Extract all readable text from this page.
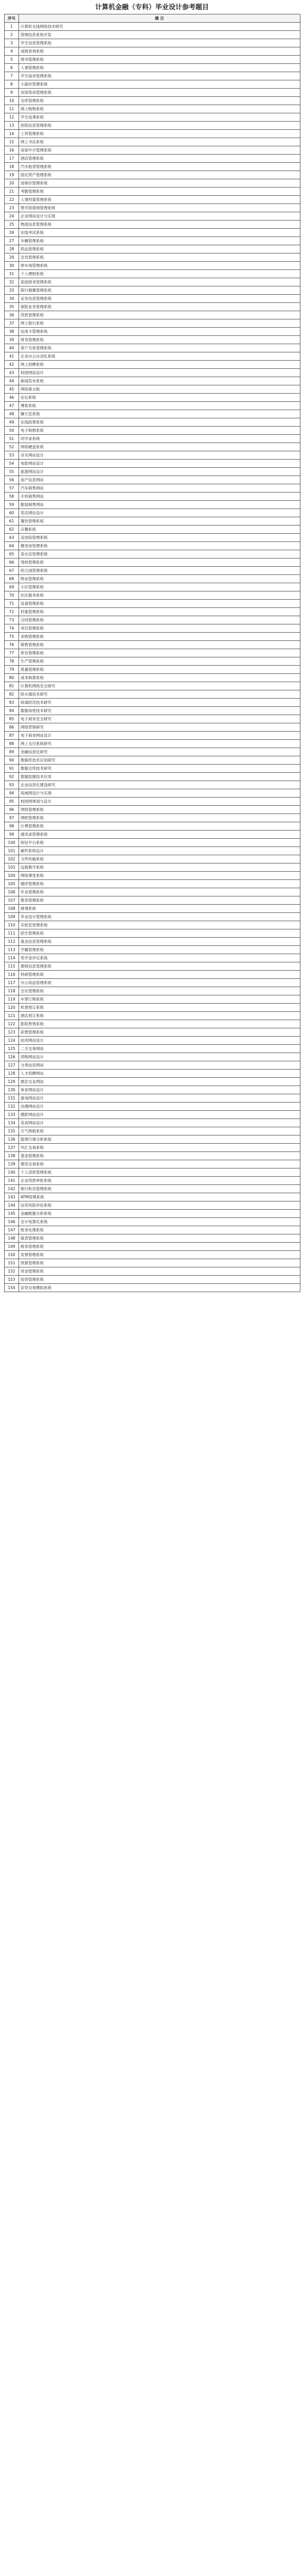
计算机金融（专科）毕业设计参考题目
序号	题 目
1	计算机无线网络技术研究
2	管理信息系统开发
3	学生信息管理系统
4	成绩查询系统
5	图书管理系统
6	人事管理系统
7	学生宿舍管理系统
8	小超市管理系统
9	宾馆客房管理系统
10	仓库管理系统
11	网上购物系统
12	学生选课系统
13	医院信息管理系统
14	工资管理系统
15	网上书店系统
16	房屋中介管理系统
17	酒店管理系统
18	汽车租赁管理系统
19	固定资产管理系统
20	进销存管理系统
21	考勤管理系统
22	人事档案管理系统
23	图书馆借阅管理系统
24	企业网站设计与实现
25	物流信息管理系统
26	在线考试系统
27	车辆管理系统
28	药品管理系统
29	会员管理系统
30	停车场管理系统
31	个人理财系统
32	家庭财务管理系统
33	银行储蓄管理系统
34	证券信息管理系统
35	保险业务管理系统
36	贷款管理系统
37	网上银行系统
38	信用卡管理系统
39	财务管理系统
40	客户关系管理系统
41	企业办公自动化系统
42	网上招聘系统
43	校园网站设计
44	新闻发布系统
45	网络留言板
46	论坛系统
47	博客系统
48	聊天室系统
49	在线投票系统
50	电子相册系统
51	同学录系统
52	网络硬盘系统
53	音乐网站设计
54	电影网站设计
55	旅游网站设计
56	房产信息网站
57	汽车销售网站
58	手机销售网站
59	服装销售网站
60	花店网站设计
61	餐饮管理系统
62	点餐系统
63	美容院管理系统
64	健身房管理系统
65	洗衣店管理系统
66	驾校管理系统
67	幼儿园管理系统
68	物业管理系统
69	小区管理系统
70	社区服务系统
71	设备管理系统
72	档案管理系统
73	合同管理系统
74	项目管理系统
75	采购管理系统
76	销售管理系统
77	库存管理系统
78	生产管理系统
79	质量管理系统
80	成本核算系统
81	计算机网络安全研究
82	防火墙技术研究
83	病毒防范技术研究
84	数据加密技术研究
85	电子商务安全研究
86	网络营销研究
87	电子商务网站设计
88	网上支付系统研究
89	金融信息化研究
90	数据库技术应用研究
91	数据仓库技术研究
92	数据挖掘技术应用
93	企业信息化建设研究
94	局域网设计与实现
95	校园网规划与设计
96	网络管理系统
97	网吧管理系统
98	计费管理系统
99	通讯录管理系统
100	短信平台系统
101	邮件系统设计
102	文件传输系统
103	远程教学系统
104	网络课堂系统
105	题库管理系统
106	作业管理系统
107	教务管理系统
108	排课系统
109	毕业设计管理系统
110	实验室管理系统
111	招生管理系统
112	就业信息管理系统
113	学籍管理系统
114	奖学金评定系统
115	教师信息管理系统
116	科研管理系统
117	办公用品管理系统
118	会议管理系统
119	车票订购系统
120	机票预订系统
121	酒店预订系统
122	影院售票系统
123	彩票管理系统
124	拍卖网站设计
125	二手交易网站
126	团购网站设计
127	分类信息网站
128	人才招聘网站
129	婚恋交友网站
130	体育网站设计
131	游戏网站设计
132	动漫网站设计
133	摄影网站设计
134	美食网站设计
135	天气预报系统
136	股票行情分析系统
137	外汇交易系统
138	基金管理系统
139	期货交易系统
140	个人贷款管理系统
141	企业贷款审批系统
142	银行柜员管理系统
143	ATM管理系统
144	信贷风险评估系统
145	金融数据分析系统
146	会计电算化系统
147	账务处理系统
148	报表管理系统
149	税务管理系统
150	发票管理系统
151	预算管理系统
152	资金管理系统
153	投资管理系统
154	证券交易模拟系统
